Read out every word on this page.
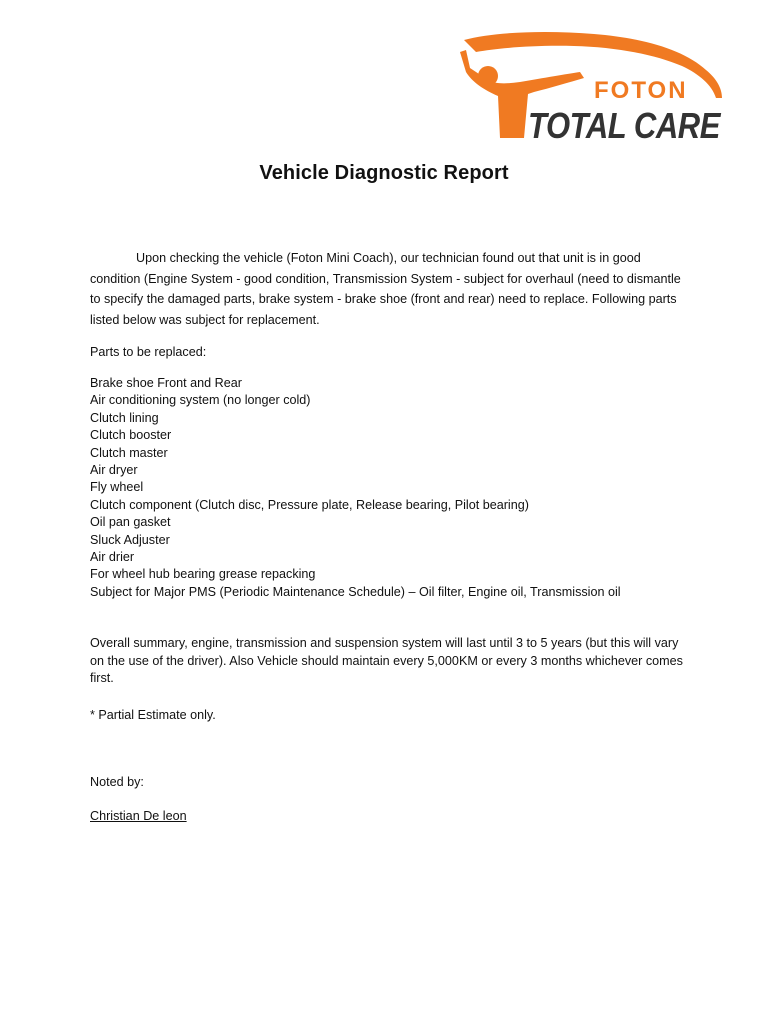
FOTON
TOTAL CARE
Vehicle Diagnostic Report
Upon checking the vehicle (Foton Mini Coach), our technician found out that unit is in good condition (Engine System - good condition, Transmission System - subject for overhaul (need to dismantle to specify the damaged parts, brake system - brake shoe (front and rear) need to replace. Following parts listed below was subject for replacement.
Parts to be replaced:
Brake shoe Front and Rear
Air conditioning system (no longer cold)
Clutch lining
Clutch booster
Clutch master
Air dryer
Fly wheel
Clutch component (Clutch disc, Pressure plate, Release bearing, Pilot bearing)
Oil pan gasket
Sluck Adjuster
Air drier
For wheel hub bearing grease repacking
Subject for Major PMS (Periodic Maintenance Schedule) – Oil filter, Engine oil, Transmission oil
Overall summary, engine, transmission and suspension system will last until 3 to 5 years (but this will vary on the use of the driver). Also Vehicle should maintain every 5,000KM or every 3 months whichever comes first.
* Partial Estimate only.
Noted by:
Christian De leon
